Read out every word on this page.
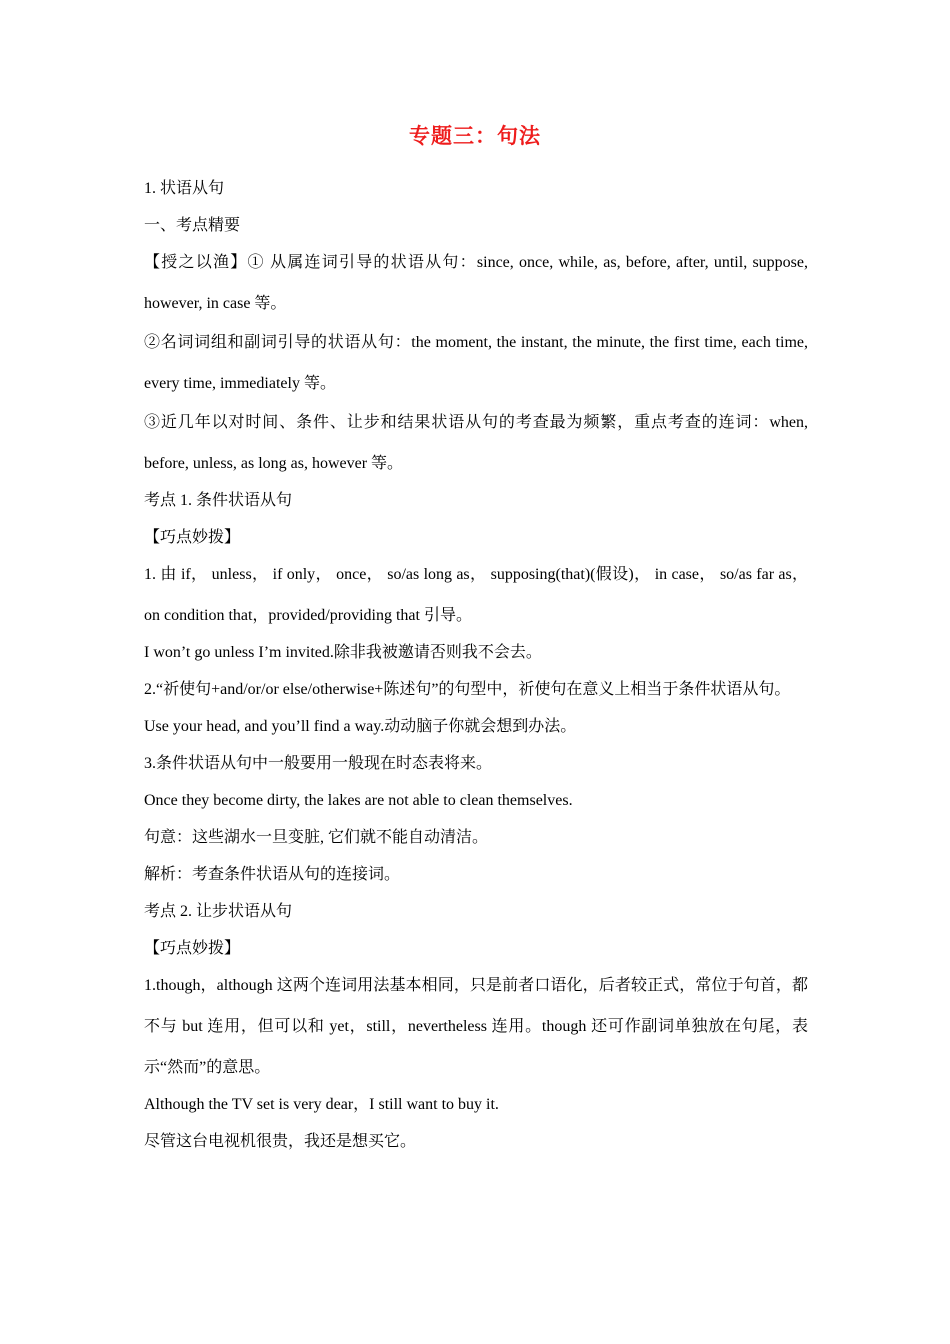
专题三：句法

1. 状语从句

一、考点精要

【授之以渔】① 从属连词引导的状语从句：since, once, while, as, before, after, until, suppose, however, in case 等。

②名词词组和副词引导的状语从句：the moment, the instant, the minute, the first time, each time, every time, immediately 等。

③近几年以对时间、条件、让步和结果状语从句的考查最为频繁，重点考查的连词：when, before, unless, as long as, however 等。

考点 1. 条件状语从句

【巧点妙拨】

1. 由 if， unless， if only， once， so/as long as， supposing(that)(假设)， in case， so/as far as，on condition that，provided/providing that 引导。

I won’t go unless I’m invited.除非我被邀请否则我不会去。

2.“祈使句+and/or/or else/otherwise+陈述句”的句型中，祈使句在意义上相当于条件状语从句。

Use your head, and you’ll find a way.动动脑子你就会想到办法。

3.条件状语从句中一般要用一般现在时态表将来。

Once they become dirty, the lakes are not able to clean themselves.

句意：这些湖水一旦变脏, 它们就不能自动清洁。

解析：考查条件状语从句的连接词。

考点 2. 让步状语从句

【巧点妙拨】

1.though，although 这两个连词用法基本相同，只是前者口语化，后者较正式，常位于句首，都不与 but 连用，但可以和 yet，still，nevertheless 连用。though 还可作副词单独放在句尾，表示“然而”的意思。

Although the TV set is very dear，I still want to buy it.

尽管这台电视机很贵，我还是想买它。
